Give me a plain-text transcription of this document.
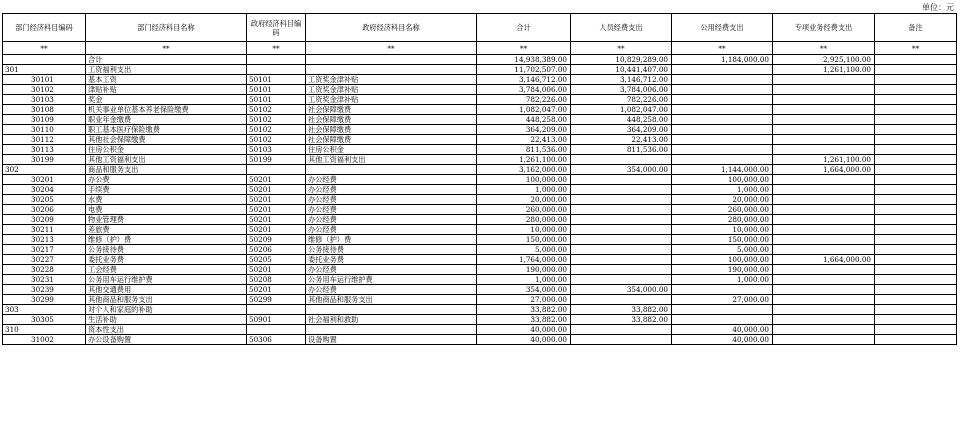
单位：元
部门经济科目编码	部门经济科目名称	政府经济科目编码	政府经济科目名称	合计	人员经费支出	公用经费支出	专项业务经费支出	备注
**	**	**	**	**	**	**	**	**
	合计			14,938,389.00	10,829,289.00	1,184,000.00	2,925,100.00	
301	工资福利支出			11,702,507.00	10,441,407.00		1,261,100.00	
30101	基本工资	50101	工资奖金津补贴	3,146,712.00	3,146,712.00			
30102	津贴补贴	50101	工资奖金津补贴	3,784,006.00	3,784,006.00			
30103	奖金	50101	工资奖金津补贴	782,226.00	782,226.00			
30108	机关事业单位基本养老保险缴费	50102	社会保障缴费	1,082,047.00	1,082,047.00			
30109	职业年金缴费	50102	社会保障缴费	448,258.00	448,258.00			
30110	职工基本医疗保险缴费	50102	社会保障缴费	364,209.00	364,209.00			
30112	其他社会保障缴费	50102	社会保障缴费	22,413.00	22,413.00			
30113	住房公积金	50103	住房公积金	811,536.00	811,536.00			
30199	其他工资福利支出	50199	其他工资福利支出	1,261,100.00			1,261,100.00	
302	商品和服务支出			3,162,000.00	354,000.00	1,144,000.00	1,664,000.00	
30201	办公费	50201	办公经费	100,000.00		100,000.00		
30204	手续费	50201	办公经费	1,000.00		1,000.00		
30205	水费	50201	办公经费	20,000.00		20,000.00		
30206	电费	50201	办公经费	260,000.00		260,000.00		
30209	物业管理费	50201	办公经费	280,000.00		280,000.00		
30211	差旅费	50201	办公经费	10,000.00		10,000.00		
30213	维修（护）费	50209	维修（护）费	150,000.00		150,000.00		
30217	公务接待费	50206	公务接待费	5,000.00		5,000.00		
30227	委托业务费	50205	委托业务费	1,764,000.00		100,000.00	1,664,000.00	
30228	工会经费	50201	办公经费	190,000.00		190,000.00		
30231	公务用车运行维护费	50208	公务用车运行维护费	1,000.00		1,000.00		
30239	其他交通费用	50201	办公经费	354,000.00	354,000.00			
30299	其他商品和服务支出	50299	其他商品和服务支出	27,000.00		27,000.00		
303	对个人和家庭的补助			33,882.00	33,882.00			
30305	生活补助	50901	社会福利和救助	33,882.00	33,882.00			
310	资本性支出			40,000.00		40,000.00		
31002	办公设备购置	50306	设备购置	40,000.00		40,000.00		
